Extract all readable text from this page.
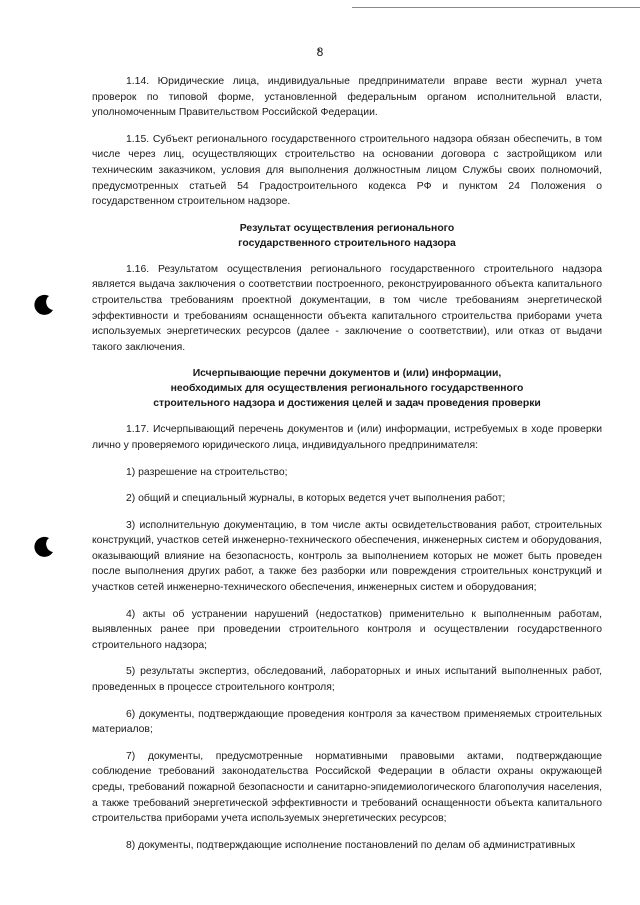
8

1.14. Юридические лица, индивидуальные предприниматели вправе вести журнал учета проверок по типовой форме, установленной федеральным органом исполнительной власти, уполномоченным Правительством Российской Федерации.

1.15. Субъект регионального государственного строительного надзора обязан обеспечить, в том числе через лиц, осуществляющих строительство на основании договора с застройщиком или техническим заказчиком, условия для выполнения должностным лицом Службы своих полномочий, предусмотренных статьей 54 Градостроительного кодекса РФ и пунктом 24 Положения о государственном строительном надзоре.

Результат осуществления регионального
государственного строительного надзора

1.16. Результатом осуществления регионального государственного строительного надзора является выдача заключения о соответствии построенного, реконструированного объекта капитального строительства требованиям проектной документации, в том числе требованиям энергетической эффективности и требованиям оснащенности объекта капитального строительства приборами учета используемых энергетических ресурсов (далее - заключение о соответствии), или отказ от выдачи такого заключения.

Исчерпывающие перечни документов и (или) информации,
необходимых для осуществления регионального государственного
строительного надзора и достижения целей и задач проведения проверки

1.17. Исчерпывающий перечень документов и (или) информации, истребуемых в ходе проверки лично у проверяемого юридического лица, индивидуального предпринимателя:

1) разрешение на строительство;

2) общий и специальный журналы, в которых ведется учет выполнения работ;

3) исполнительную документацию, в том числе акты освидетельствования работ, строительных конструкций, участков сетей инженерно-технического обеспечения, инженерных систем и оборудования, оказывающий влияние на безопасность, контроль за выполнением которых не может быть проведен после выполнения других работ, а также без разборки или повреждения строительных конструкций и участков сетей инженерно-технического обеспечения, инженерных систем и оборудования;

4) акты об устранении нарушений (недостатков) применительно к выполненным работам, выявленных ранее при проведении строительного контроля и осуществлении государственного строительного надзора;

5) результаты экспертиз, обследований, лабораторных и иных испытаний выполненных работ, проведенных в процессе строительного контроля;

6) документы, подтверждающие проведения контроля за качеством применяемых строительных материалов;

7) документы, предусмотренные нормативными правовыми актами, подтверждающие соблюдение требований законодательства Российской Федерации в области охраны окружающей среды, требований пожарной безопасности и санитарно-эпидемиологического благополучия населения, а также требований энергетической эффективности и требований оснащенности объекта капитального строительства приборами учета используемых энергетических ресурсов;

8) документы, подтверждающие исполнение постановлений по делам об административных
